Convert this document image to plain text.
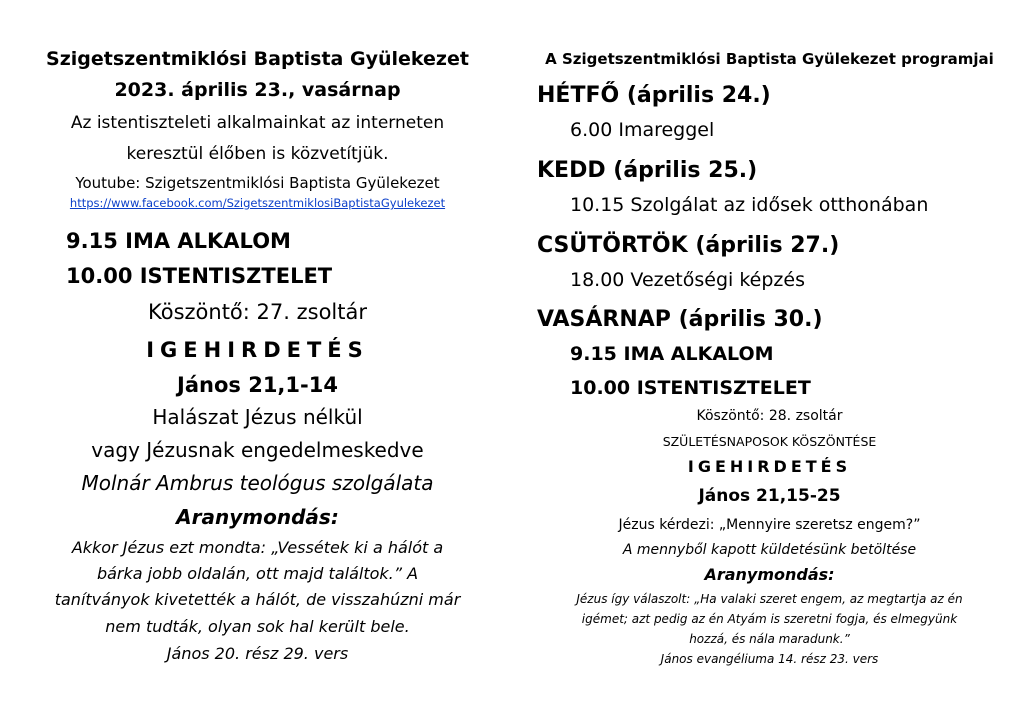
Szigetszentmiklósi Baptista Gyülekezet
2023. április 23., vasárnap
Az istentiszteleti alkalmainkat az interneten
keresztül élőben is közvetítjük.
Youtube: Szigetszentmiklósi Baptista Gyülekezet
https://www.facebook.com/SzigetszentmiklosiBaptistaGyulekezet
9.15 IMA ALKALOM
10.00 ISTENTISZTELET
Köszöntő: 27. zsoltár
IGEHIRDETÉS
János 21,1-14
Halászat Jézus nélkül
vagy Jézusnak engedelmeskedve
Molnár Ambrus teológus szolgálata
Aranymondás:
Akkor Jézus ezt mondta: „Vessétek ki a hálót a
bárka jobb oldalán, ott majd találtok.” A
tanítványok kivetették a hálót, de visszahúzni már
nem tudták, olyan sok hal került bele.
János 20. rész 29. vers
A Szigetszentmiklósi Baptista Gyülekezet programjai
HÉTFŐ (április 24.)
6.00 Imareggel
KEDD (április 25.)
10.15 Szolgálat az idősek otthonában
CSÜTÖRTÖK (április 27.)
18.00 Vezetőségi képzés
VASÁRNAP (április 30.)
9.15 IMA ALKALOM
10.00 ISTENTISZTELET
Köszöntő: 28. zsoltár
SZÜLETÉSNAPOSOK KÖSZÖNTÉSE
IGEHIRDETÉS
János 21,15-25
Jézus kérdezi: „Mennyire szeretsz engem?”
A mennyből kapott küldetésünk betöltése
Aranymondás:
Jézus így válaszolt: „Ha valaki szeret engem, az megtartja az én
igémet; azt pedig az én Atyám is szeretni fogja, és elmegyünk
hozzá, és nála maradunk.”
János evangéliuma 14. rész 23. vers
